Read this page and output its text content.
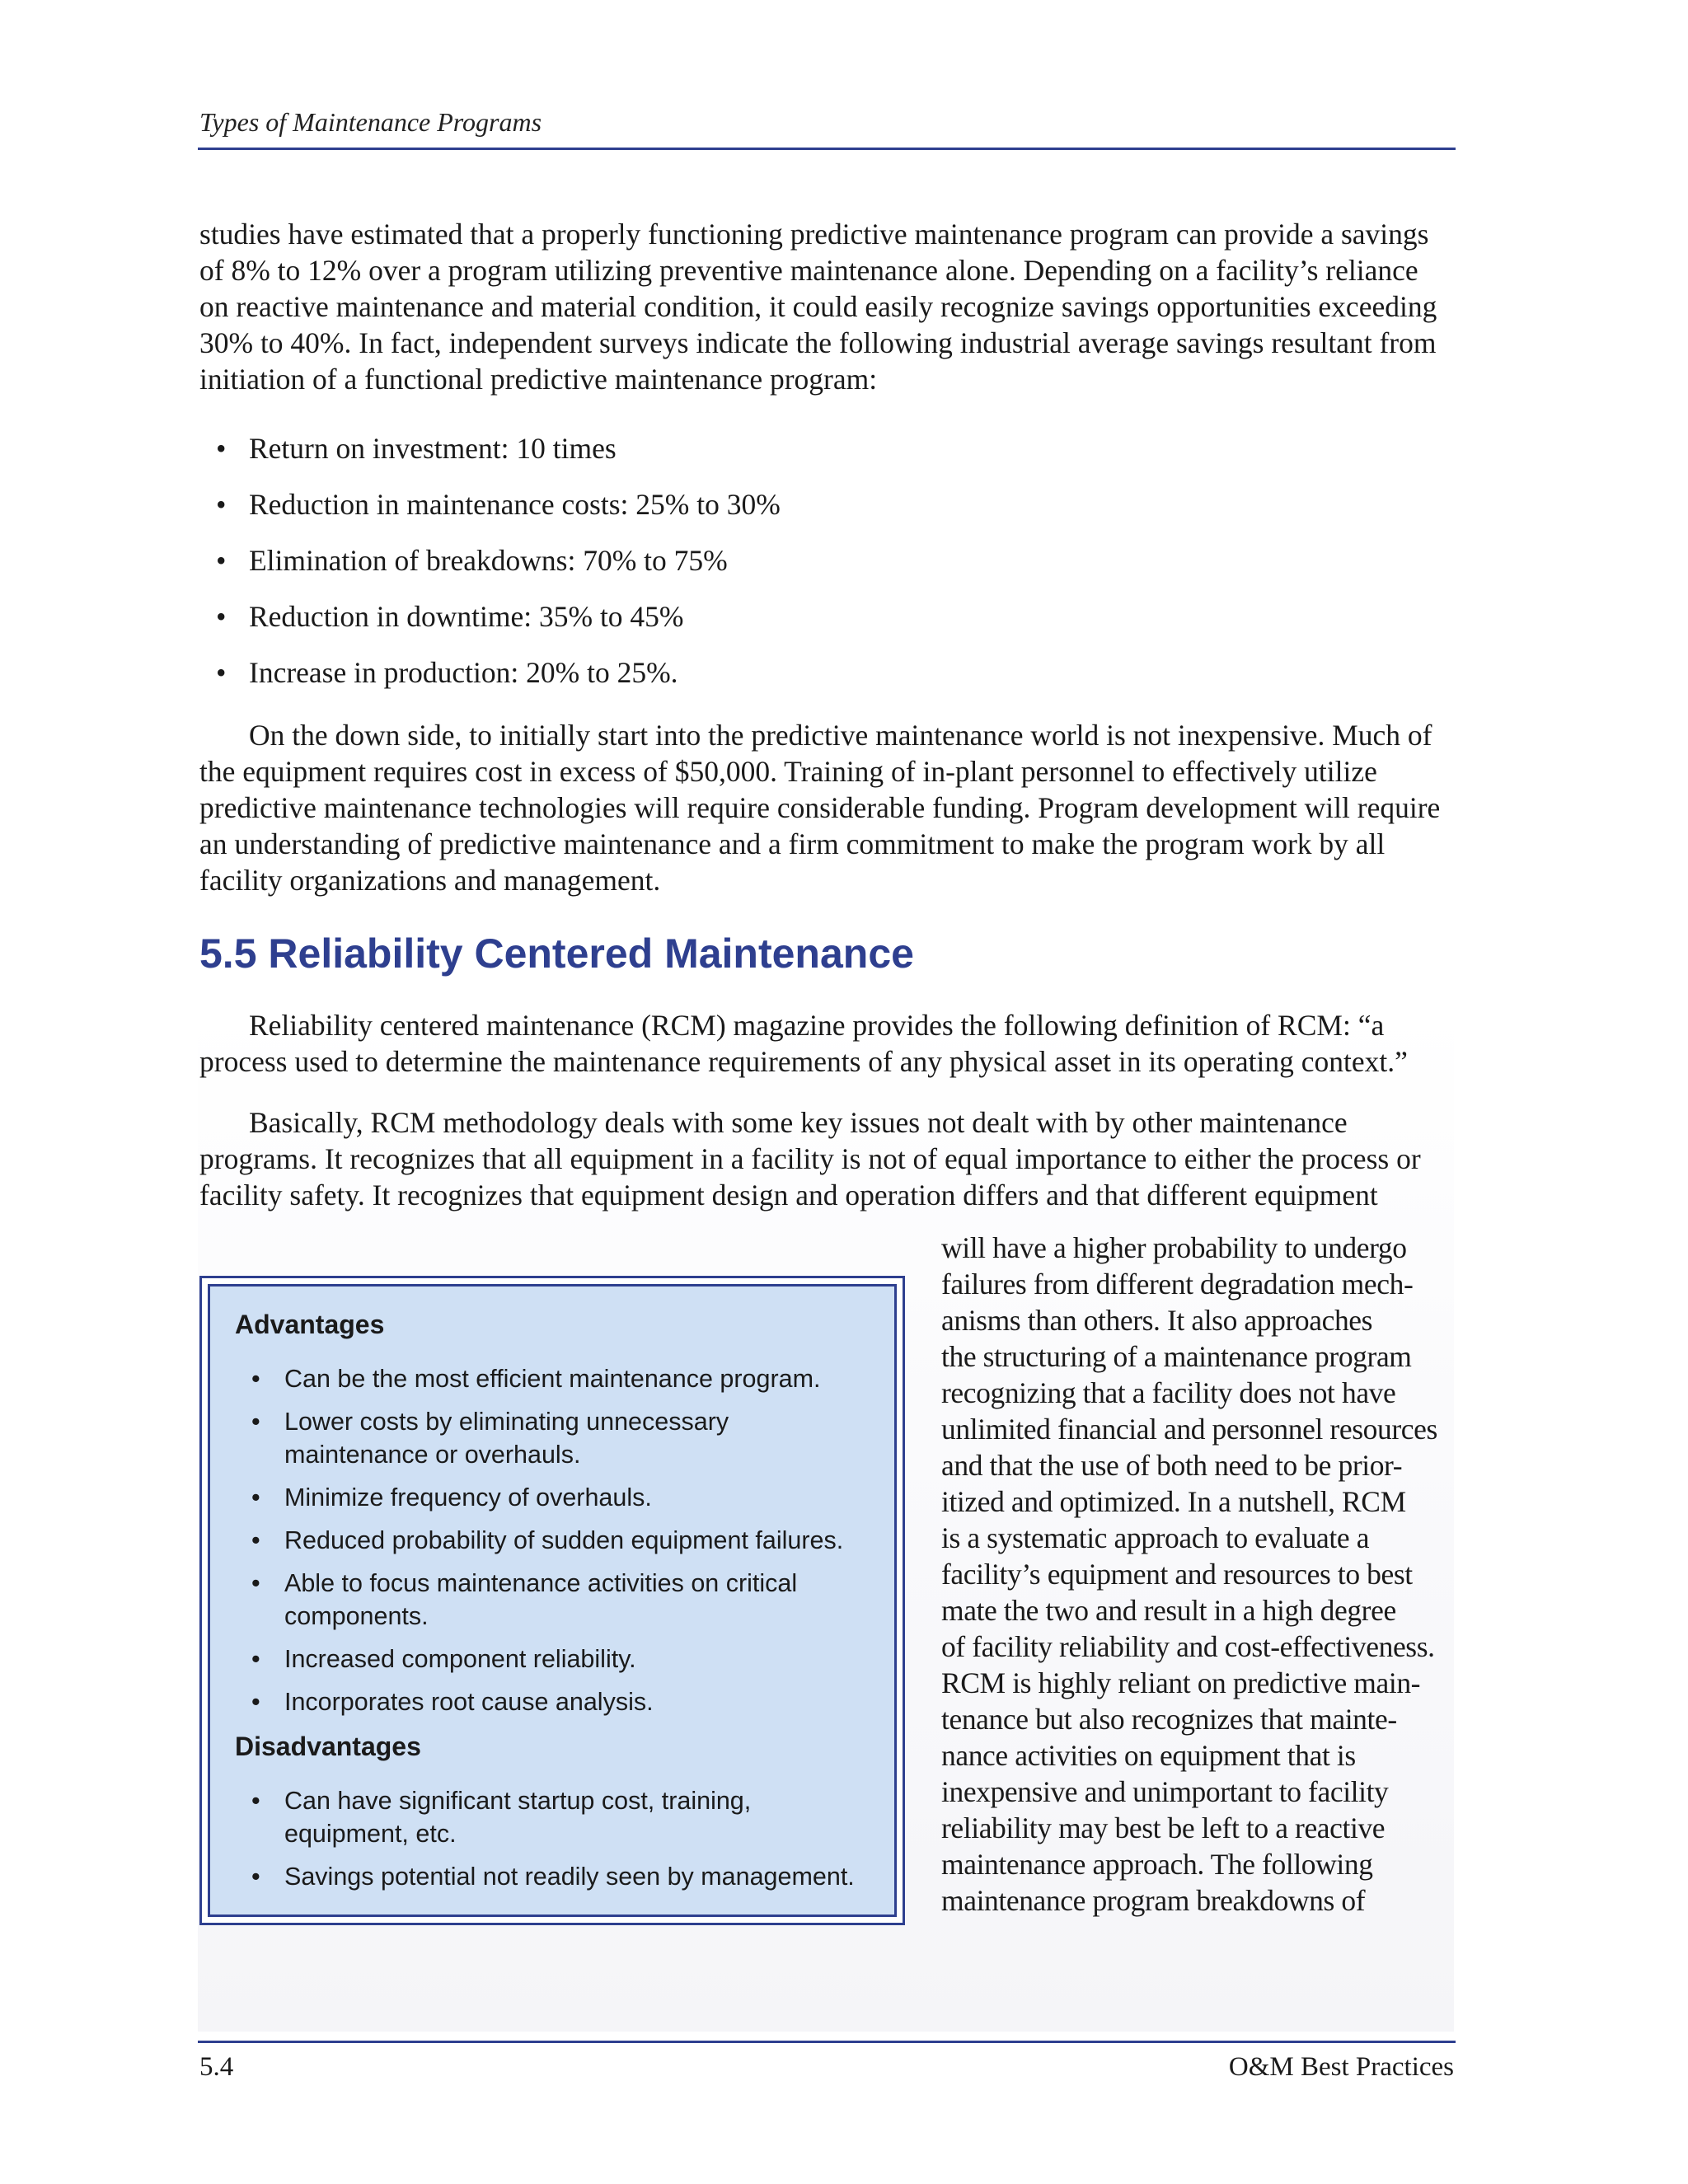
Types of Maintenance Programs

studies have estimated that a properly functioning predictive maintenance program can provide a savings of 8% to 12% over a program utilizing preventive maintenance alone. Depending on a facility’s reliance on reactive maintenance and material condition, it could easily recognize savings opportunities exceeding 30% to 40%. In fact, independent surveys indicate the following industrial average savings resultant from initiation of a functional predictive maintenance program:

• Return on investment: 10 times
• Reduction in maintenance costs: 25% to 30%
• Elimination of breakdowns: 70% to 75%
• Reduction in downtime: 35% to 45%
• Increase in production: 20% to 25%.

On the down side, to initially start into the predictive maintenance world is not inexpensive. Much of the equipment requires cost in excess of $50,000. Training of in-plant personnel to effectively utilize predictive maintenance technologies will require considerable funding. Program development will require an understanding of predictive maintenance and a firm commitment to make the program work by all facility organizations and management.

5.5 Reliability Centered Maintenance

Reliability centered maintenance (RCM) magazine provides the following definition of RCM: “a process used to determine the maintenance requirements of any physical asset in its operating context.”

Basically, RCM methodology deals with some key issues not dealt with by other maintenance programs. It recognizes that all equipment in a facility is not of equal importance to either the process or facility safety. It recognizes that equipment design and operation differs and that different equipment

Advantages
• Can be the most efficient maintenance program.
• Lower costs by eliminating unnecessary maintenance or overhauls.
• Minimize frequency of overhauls.
• Reduced probability of sudden equipment failures.
• Able to focus maintenance activities on critical components.
• Increased component reliability.
• Incorporates root cause analysis.
Disadvantages
• Can have significant startup cost, training, equipment, etc.
• Savings potential not readily seen by management.
will have a higher probability to undergo
failures from different degradation mech-
anisms than others. It also approaches
the structuring of a maintenance program
recognizing that a facility does not have
unlimited financial and personnel resources
and that the use of both need to be prior-
itized and optimized. In a nutshell, RCM
is a systematic approach to evaluate a
facility’s equipment and resources to best
mate the two and result in a high degree
of facility reliability and cost-effectiveness.
RCM is highly reliant on predictive main-
tenance but also recognizes that mainte-
nance activities on equipment that is
inexpensive and unimportant to facility
reliability may best be left to a reactive
maintenance approach. The following
maintenance program breakdowns of
5.4	O&M Best Practices
